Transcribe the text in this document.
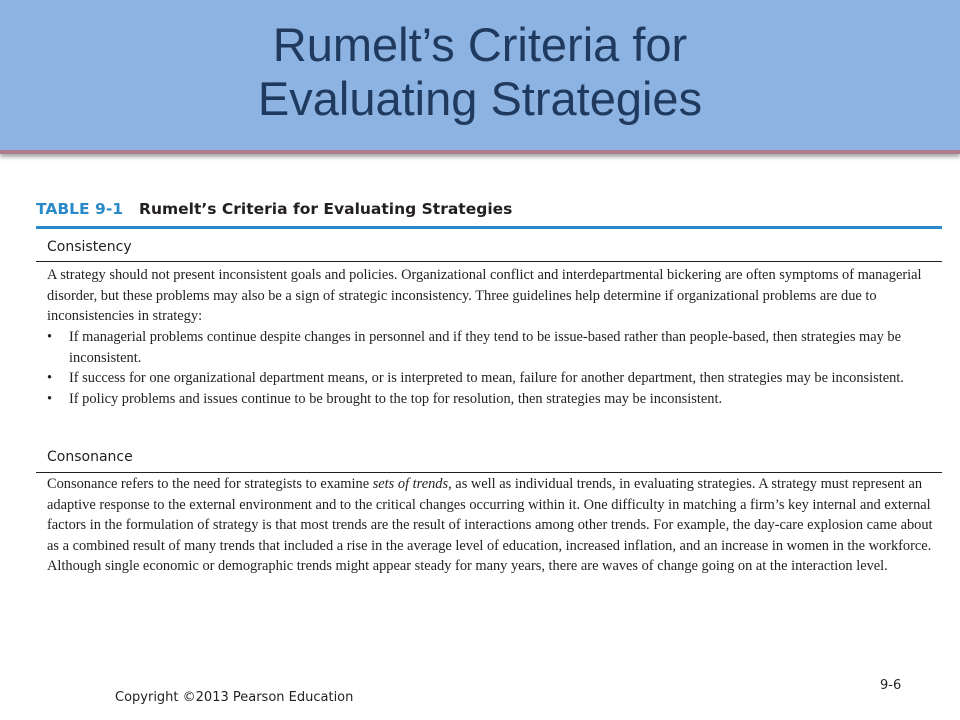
Rumelt’s Criteria for
Evaluating Strategies
TABLE 9-1 Rumelt’s Criteria for Evaluating Strategies
Consistency

A strategy should not present inconsistent goals and policies. Organizational conflict and interdepartmental bickering are often symptoms of managerial disorder, but these problems may also be a sign of strategic inconsistency. Three guidelines help determine if organizational problems are due to inconsistencies in strategy:

• If managerial problems continue despite changes in personnel and if they tend to be issue-based rather than people-based, then strategies may be inconsistent.
• If success for one organizational department means, or is interpreted to mean, failure for another department, then strategies may be inconsistent.
• If policy problems and issues continue to be brought to the top for resolution, then strategies may be inconsistent.
Consonance

Consonance refers to the need for strategists to examine sets of trends, as well as individual trends, in evaluating strategies. A strategy must represent an adaptive response to the external environment and to the critical changes occurring within it. One difficulty in matching a firm’s key internal and external factors in the formulation of strategy is that most trends are the result of interactions among other trends. For example, the day-care explosion came about as a combined result of many trends that included a rise in the average level of education, increased inflation, and an increase in women in the workforce. Although single economic or demographic trends might appear steady for many years, there are waves of change going on at the interaction level.

Copyright ©2013 Pearson Education
9-6
